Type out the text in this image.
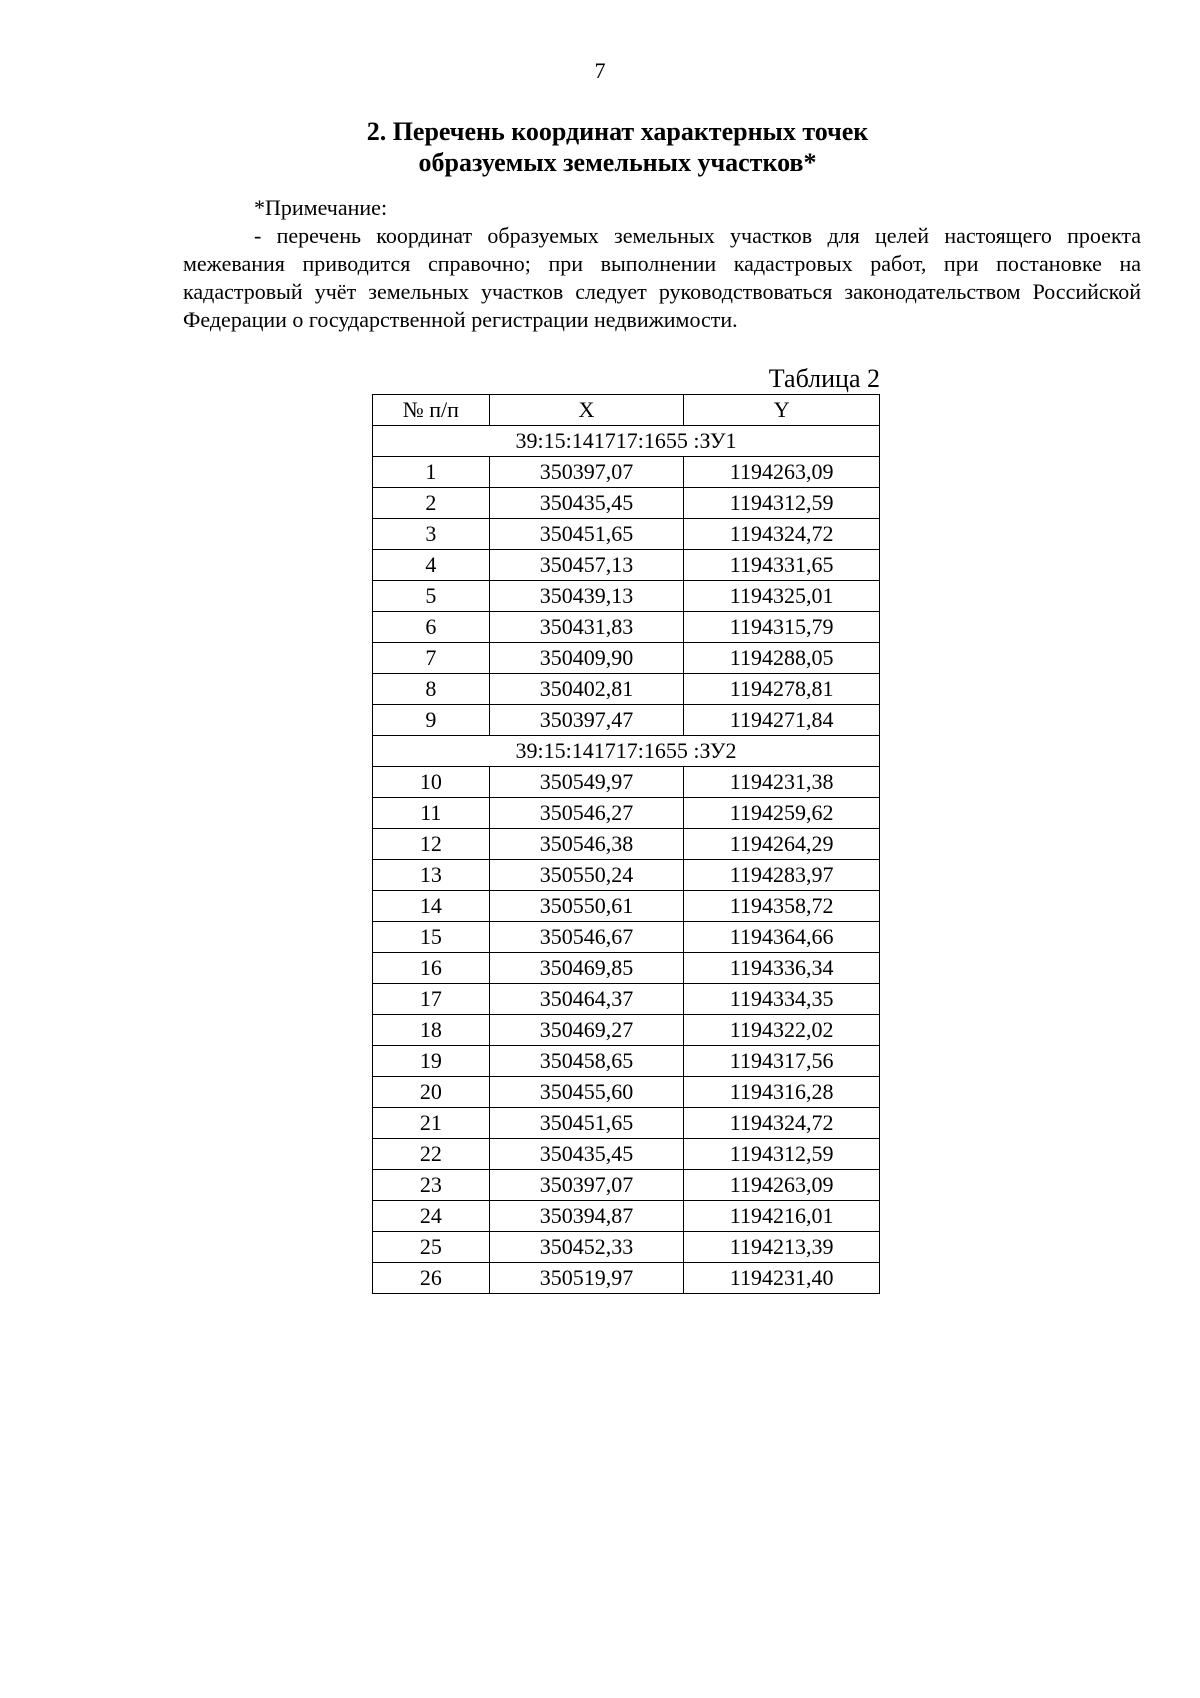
7
2. Перечень координат характерных точек
образуемых земельных участков*
*Примечание:
- перечень координат образуемых земельных участков для целей настоящего проекта межевания приводится справочно; при выполнении кадастровых работ, при постановке на кадастровый учёт земельных участков следует руководствоваться законодательством Российской Федерации о государственной регистрации недвижимости.
Таблица 2
№ п/п	X	Y
39:15:141717:1655 :ЗУ1		
1	350397,07	1194263,09
2	350435,45	1194312,59
3	350451,65	1194324,72
4	350457,13	1194331,65
5	350439,13	1194325,01
6	350431,83	1194315,79
7	350409,90	1194288,05
8	350402,81	1194278,81
9	350397,47	1194271,84
39:15:141717:1655 :ЗУ2		
10	350549,97	1194231,38
11	350546,27	1194259,62
12	350546,38	1194264,29
13	350550,24	1194283,97
14	350550,61	1194358,72
15	350546,67	1194364,66
16	350469,85	1194336,34
17	350464,37	1194334,35
18	350469,27	1194322,02
19	350458,65	1194317,56
20	350455,60	1194316,28
21	350451,65	1194324,72
22	350435,45	1194312,59
23	350397,07	1194263,09
24	350394,87	1194216,01
25	350452,33	1194213,39
26	350519,97	1194231,40
